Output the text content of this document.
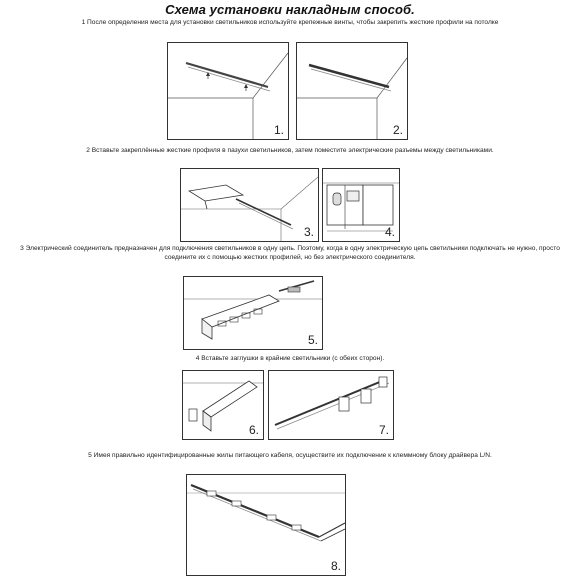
Схема установки накладным способ.
1 После определения места для установки светильников используйте крепежные винты, чтобы закрепить жесткие профили на потолке
1.	2.
2 Вставьте закреплённые жесткие профиля в пазухи светильников, затем поместите электрические разъемы между светильниками.
3.	4.
3 Электрический соединитель предназначен для подключения светильников в одну цепь. Поэтому, когда в одну электрическую цепь светильники подключать не нужно, просто соедините их с помощью жестких профилей, но без электрического соединителя.
5.
4 Вставьте заглушки в крайние светильники (с обеих сторон).
6.	7.
5 Имея правильно идентифицированные жилы питающего кабеля, осуществите их подключение к клеммному блоку драйвера L/N.
8.
